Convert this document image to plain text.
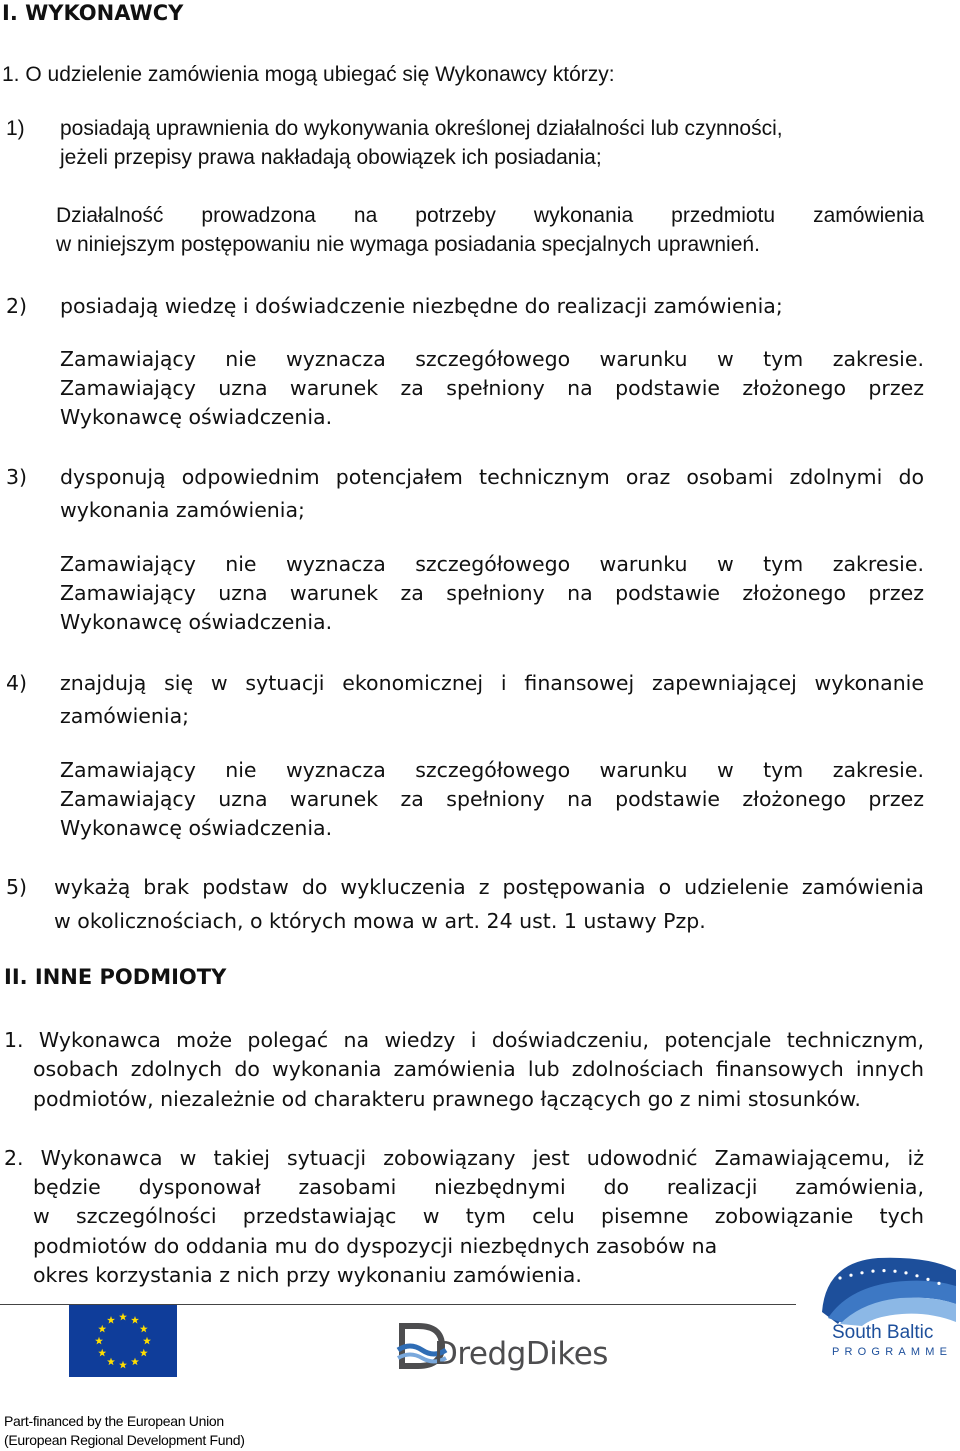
I. WYKONAWCY
1. O udzielenie zamówienia mogą ubiegać się Wykonawcy którzy:
1) posiadają uprawnienia do wykonywania określonej działalności lub czynności,
jeżeli przepisy prawa nakładają obowiązek ich posiadania;
Działalność prowadzona na potrzeby wykonania przedmiotu zamówienia
w niniejszym postępowaniu nie wymaga posiadania specjalnych uprawnień.
2) posiadają wiedzę i doświadczenie niezbędne do realizacji zamówienia;
Zamawiający nie wyznacza szczegółowego warunku w tym zakresie.
Zamawiający uzna warunek za spełniony na podstawie złożonego przez
Wykonawcę oświadczenia.
3) dysponują odpowiednim potencjałem technicznym oraz osobami zdolnymi do
wykonania zamówienia;
Zamawiający nie wyznacza szczegółowego warunku w tym zakresie.
Zamawiający uzna warunek za spełniony na podstawie złożonego przez
Wykonawcę oświadczenia.
4) znajdują się w sytuacji ekonomicznej i finansowej zapewniającej wykonanie
zamówienia;
Zamawiający nie wyznacza szczegółowego warunku w tym zakresie.
Zamawiający uzna warunek za spełniony na podstawie złożonego przez
Wykonawcę oświadczenia.
5) wykażą brak podstaw do wykluczenia z postępowania o udzielenie zamówienia
w okolicznościach, o których mowa w art. 24 ust. 1 ustawy Pzp.
II. INNE PODMIOTY
1. Wykonawca może polegać na wiedzy i doświadczeniu, potencjale technicznym,
osobach zdolnych do wykonania zamówienia lub zdolnościach finansowych innych
podmiotów, niezależnie od charakteru prawnego łączących go z nimi stosunków.
2. Wykonawca w takiej sytuacji zobowiązany jest udowodnić Zamawiającemu, iż
będzie dysponował zasobami niezbędnymi do realizacji zamówienia,
w szczególności przedstawiając w tym celu pisemne zobowiązanie tych
podmiotów do oddania mu do dyspozycji niezbędnych zasobów na
okres korzystania z nich przy wykonaniu zamówienia.
DredgDikes
South Baltic
PROGRAMME
Part-financed by the European Union
(European Regional Development Fund)
